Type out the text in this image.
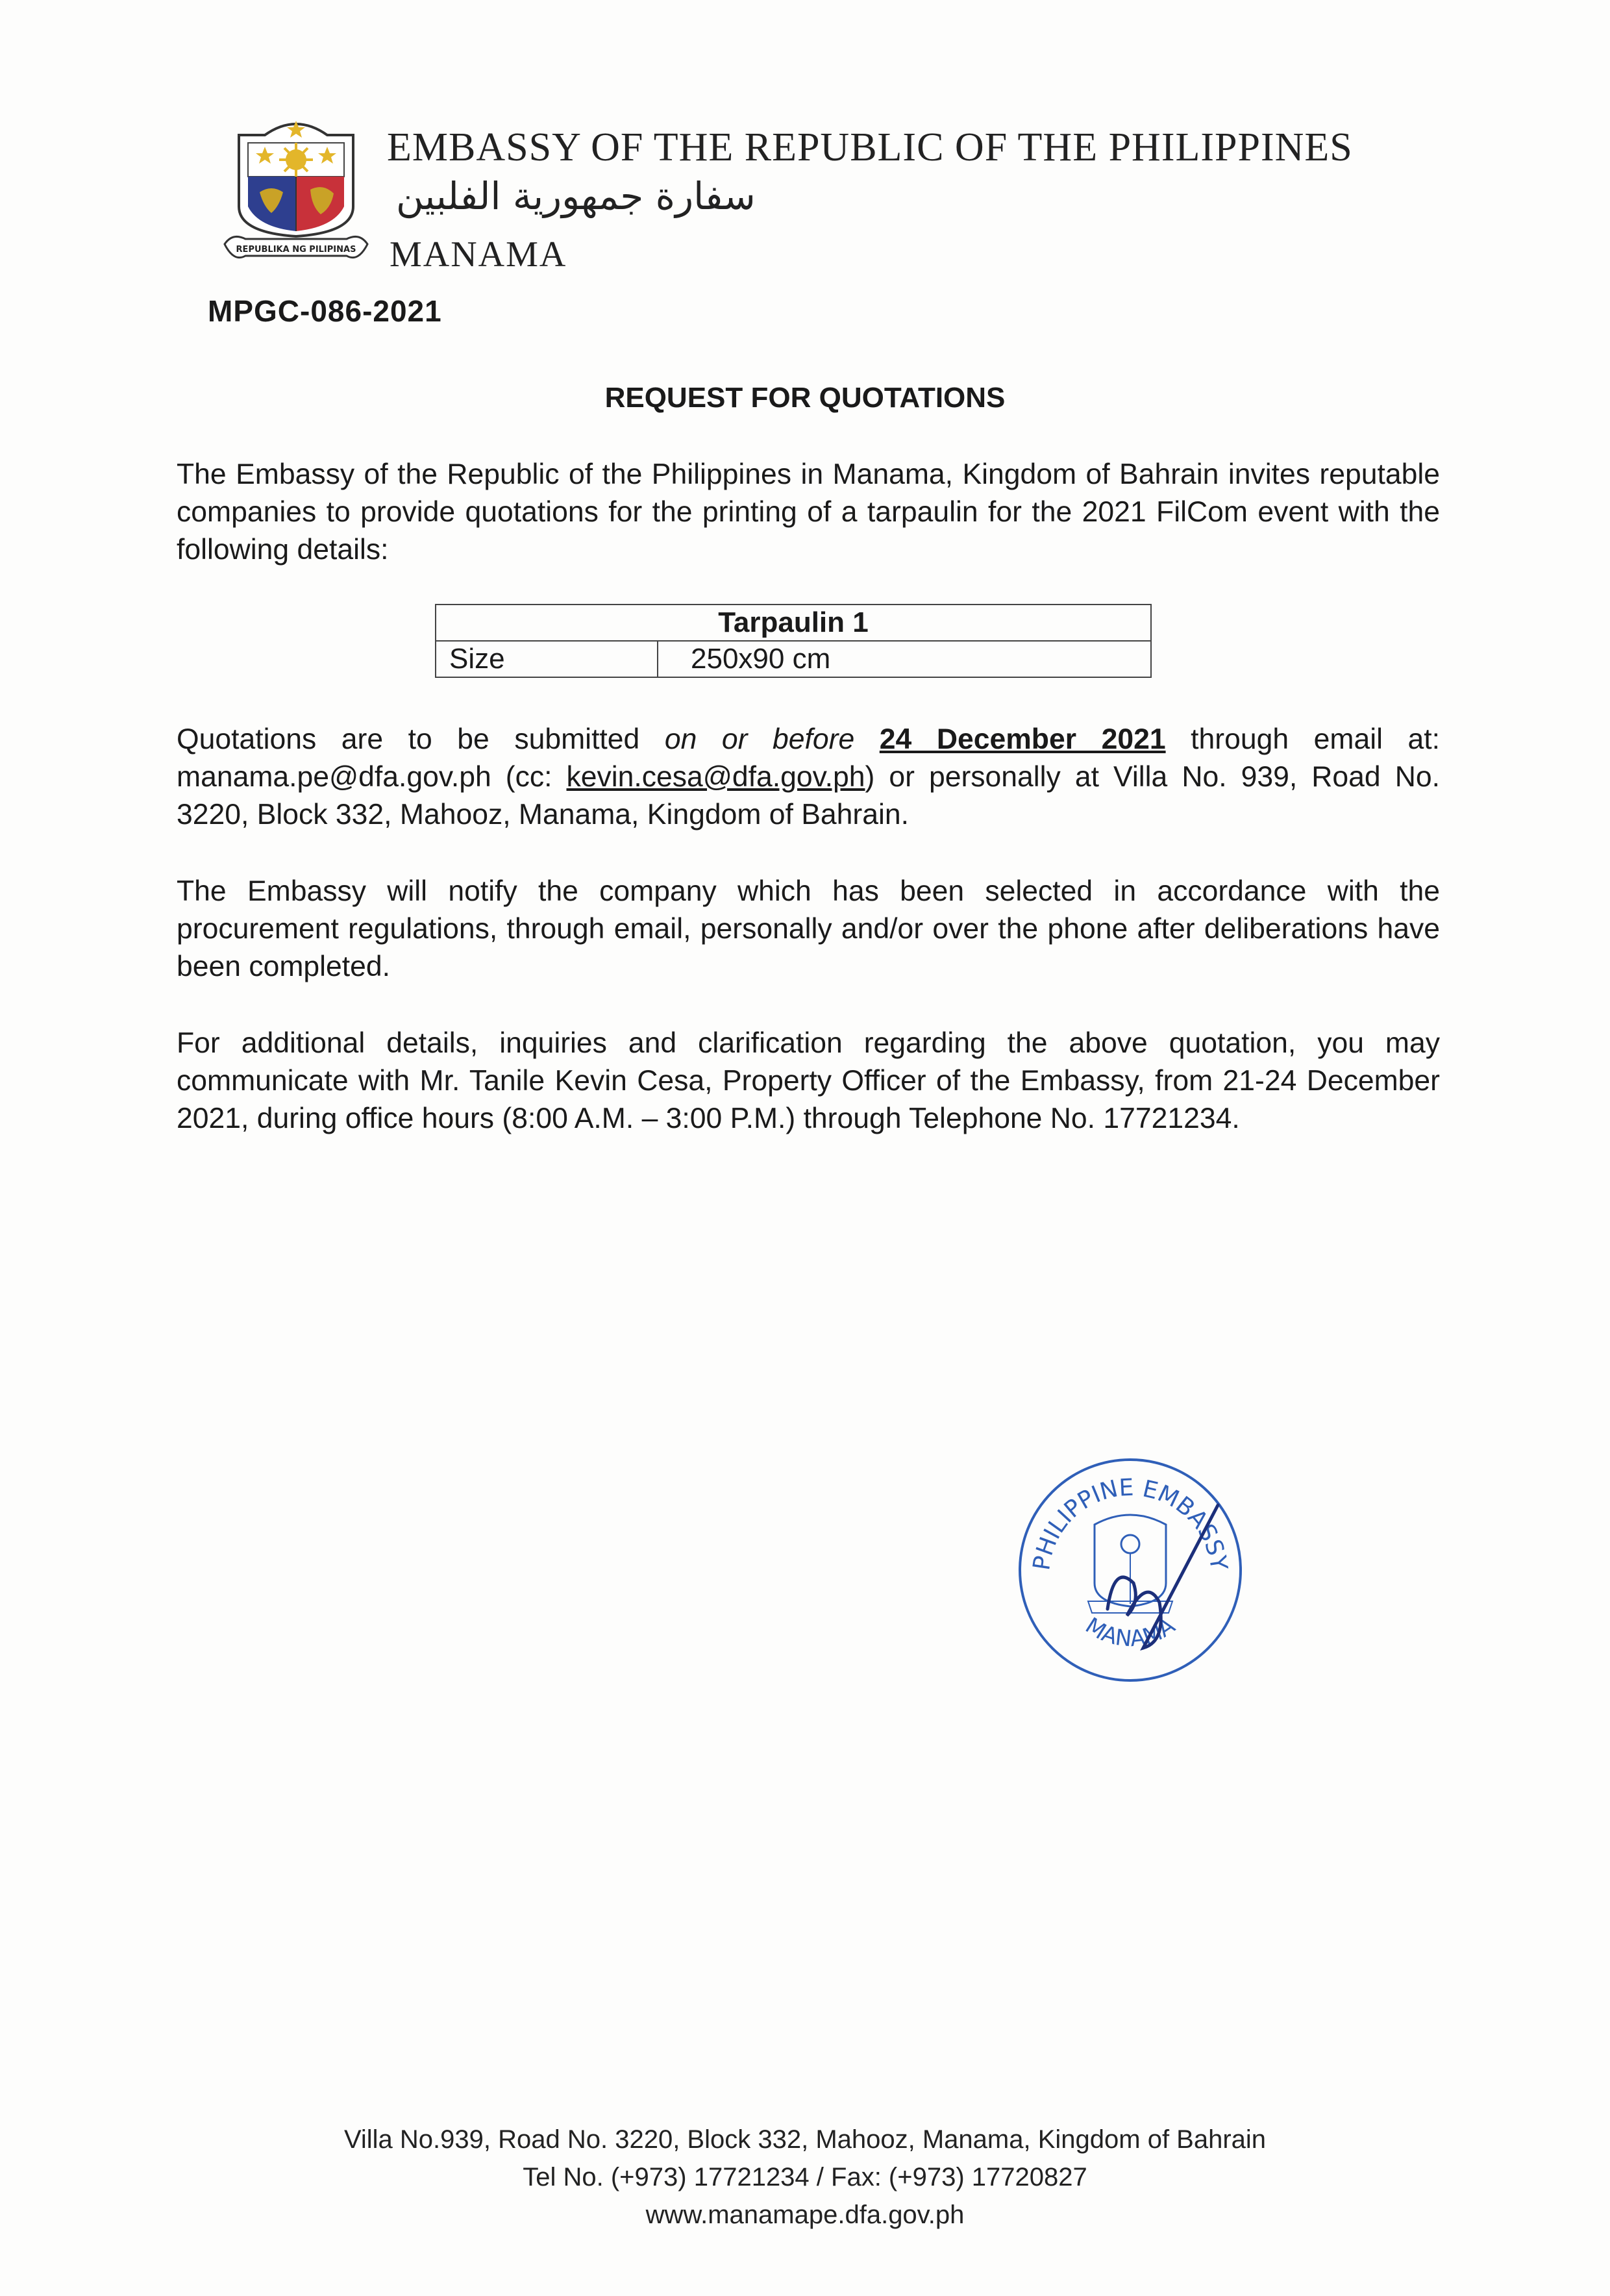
REPUBLIKA NG PILIPINAS
EMBASSY OF THE REPUBLIC OF THE PHILIPPINES
سفارة جمهورية الفلبين
MANAMA
MPGC-086-2021
REQUEST FOR QUOTATIONS
The Embassy of the Republic of the Philippines in Manama, Kingdom of Bahrain invites reputable companies to provide quotations for the printing of a tarpaulin for the 2021 FilCom event with the following details:
Tarpaulin 1
Size	250x90 cm
Quotations are to be submitted on or before 24 December 2021 through email at: manama.pe@dfa.gov.ph (cc: kevin.cesa@dfa.gov.ph) or personally at Villa No. 939, Road No. 3220, Block 332, Mahooz, Manama, Kingdom of Bahrain.
The Embassy will notify the company which has been selected in accordance with the procurement regulations, through email, personally and/or over the phone after deliberations have been completed.
For additional details, inquiries and clarification regarding the above quotation, you may communicate with Mr. Tanile Kevin Cesa, Property Officer of the Embassy, from 21-24 December 2021, during office hours (8:00 A.M. – 3:00 P.M.) through Telephone No. 17721234.
PHILIPPINE EMBASSY
MANAMA
Villa No.939, Road No. 3220, Block 332, Mahooz, Manama, Kingdom of Bahrain
Tel No. (+973) 17721234 / Fax: (+973) 17720827
www.manamape.dfa.gov.ph
